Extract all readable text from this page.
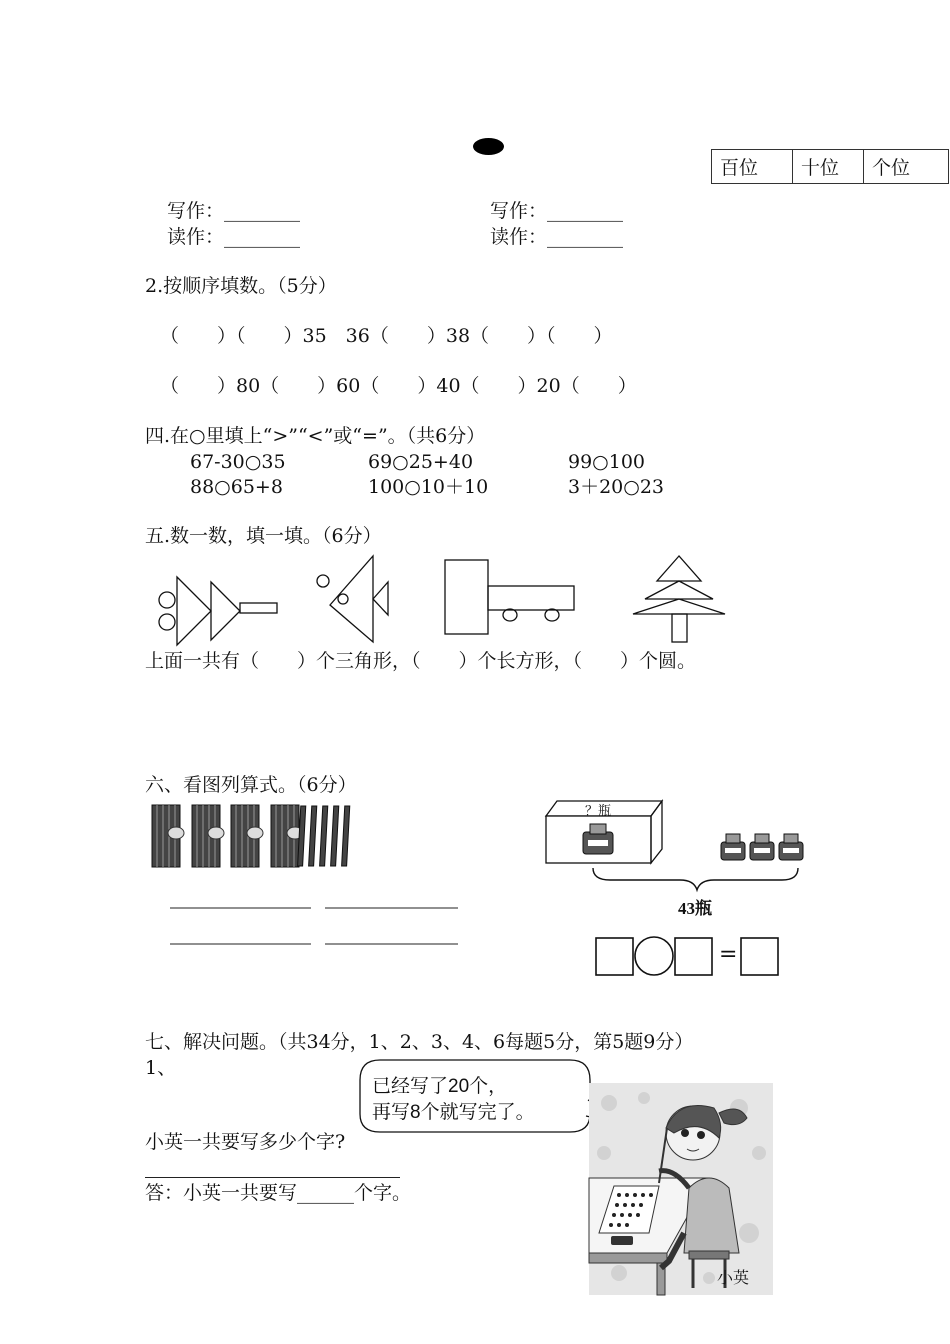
百位	十位	个位
写作：________
读作：________
写作：________
读作：________
2.按顺序填数。（5分）
（　　）（　　）35　36（　　）38（　　）（　　）
（　　）80（　　）60（　　）40（　　）20（　　）
四.在○里填上“>”“<”或“=”。（共6分）
67-30○35	69○25+40	99○100
88○65+8	100○10＋10	3＋20○23
五.数一数，填一填。（6分）
上面一共有（　　）个三角形，（　　）个长方形，（　　）个圆。
六、看图列算式。（6分）
？瓶
43瓶
=
七、解决问题。（共34分，1、2、3、4、6每题5分，第5题9分）
1、
已经写了20个，
再写8个就写完了。
小英
小英一共要写多少个字?
答：小英一共要写______个字。
